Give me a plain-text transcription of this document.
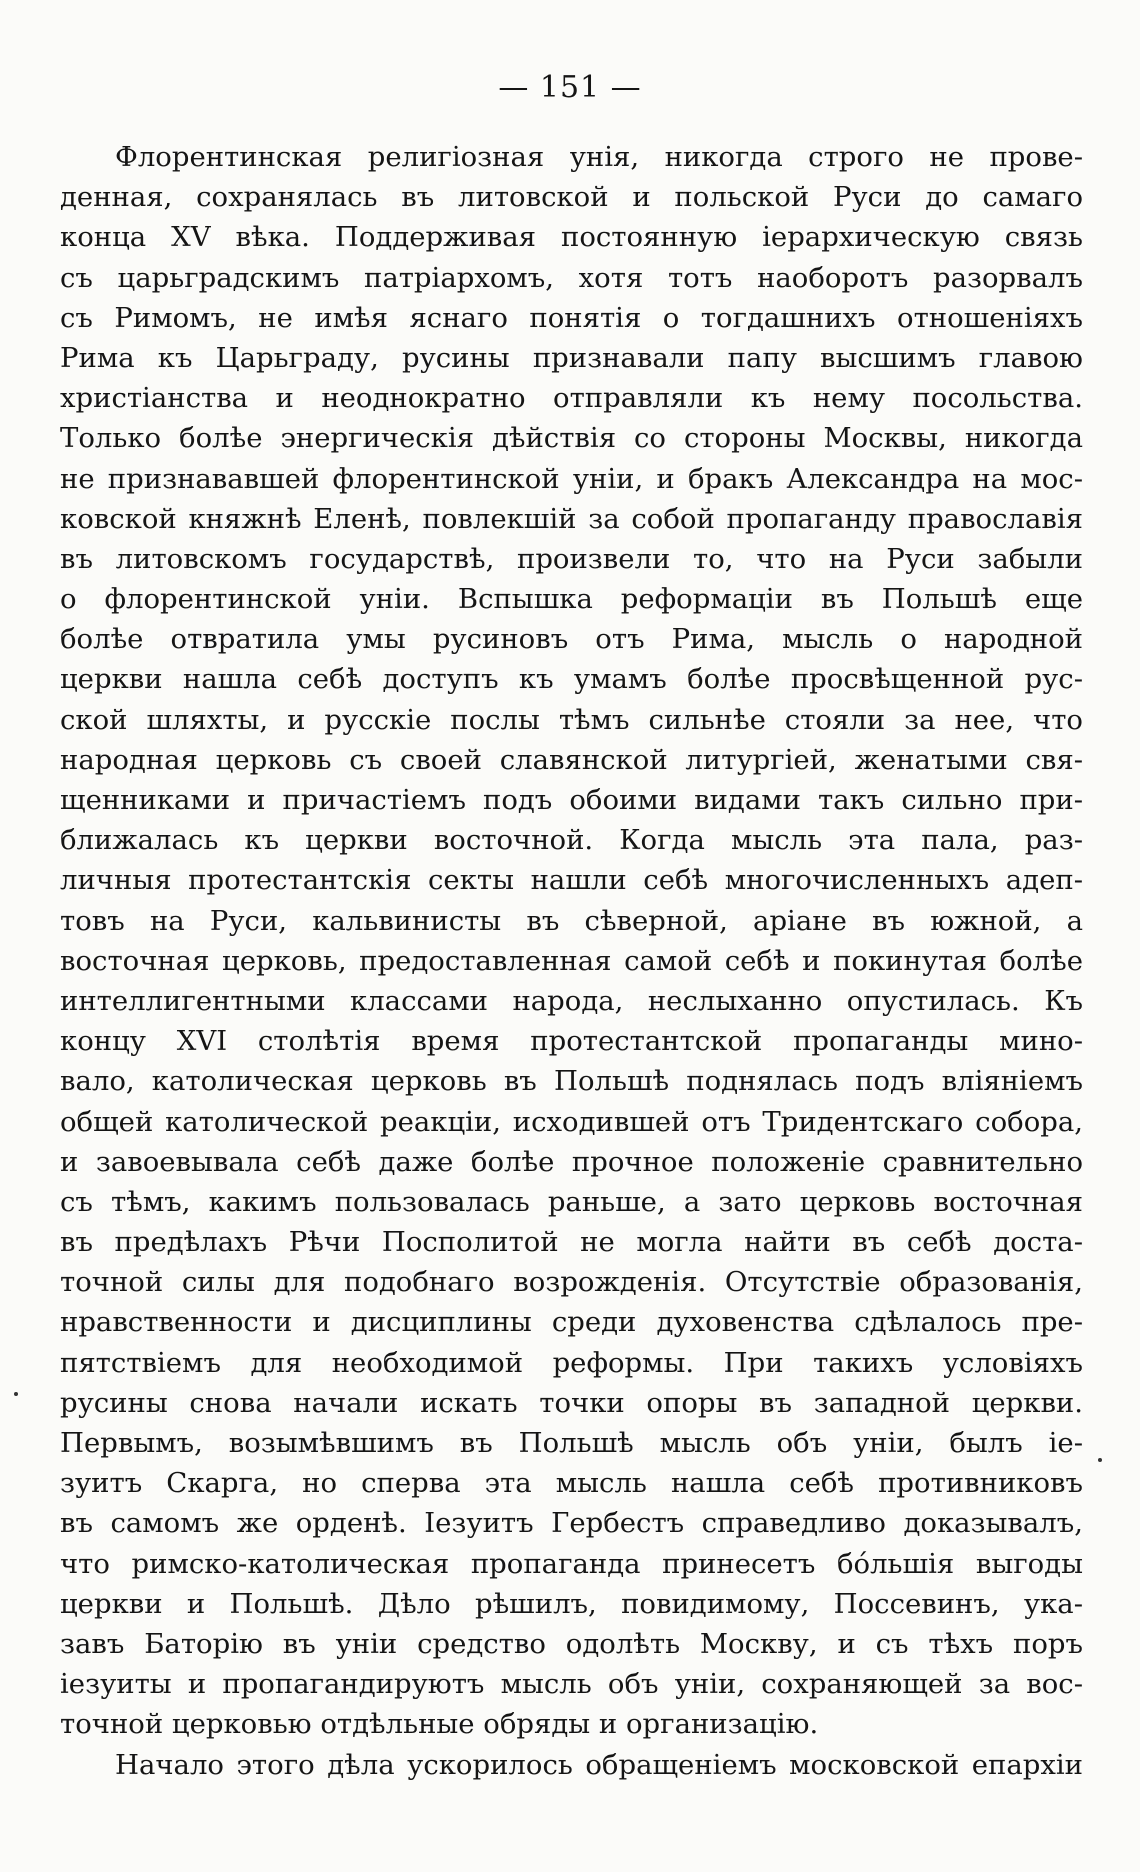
— 151 —
Флорентинская религіозная унія, никогда строго не прове-
денная, сохранялась въ литовской и польской Руси до самаго
конца XV вѣка. Поддерживая постоянную іерархическую связь
съ царьградскимъ патріархомъ, хотя тотъ наоборотъ разорвалъ
съ Римомъ, не имѣя яснаго понятія о тогдашнихъ отношеніяхъ
Рима къ Царьграду, русины признавали папу высшимъ главою
христіанства и неоднократно отправляли къ нему посольства.
Только болѣе энергическія дѣйствія со стороны Москвы, никогда
не признававшей флорентинской уніи, и бракъ Александра на мос-
ковской княжнѣ Еленѣ, повлекшій за собой пропаганду православія
въ литовскомъ государствѣ, произвели то, что на Руси забыли
о флорентинской уніи. Вспышка реформаціи въ Польшѣ еще
болѣе отвратила умы русиновъ отъ Рима, мысль о народной
церкви нашла себѣ доступъ къ умамъ болѣе просвѣщенной рус-
ской шляхты, и русскіе послы тѣмъ сильнѣе стояли за нее, что
народная церковь съ своей славянской литургіей, женатыми свя-
щенниками и причастіемъ подъ обоими видами такъ сильно при-
ближалась къ церкви восточной. Когда мысль эта пала, раз-
личныя протестантскія секты нашли себѣ многочисленныхъ адеп-
товъ на Руси, кальвинисты въ сѣверной, аріане въ южной, а
восточная церковь, предоставленная самой себѣ и покинутая болѣе
интеллигентными классами народа, неслыханно опустилась. Къ
концу XVI столѣтія время протестантской пропаганды мино-
вало, католическая церковь въ Польшѣ поднялась подъ вліяніемъ
общей католической реакціи, исходившей отъ Тридентскаго собора,
и завоевывала себѣ даже болѣе прочное положеніе сравнительно
съ тѣмъ, какимъ пользовалась раньше, а зато церковь восточная
въ предѣлахъ Рѣчи Посполитой не могла найти въ себѣ доста-
точной силы для подобнаго возрожденія. Отсутствіе образованія,
нравственности и дисциплины среди духовенства сдѣлалось пре-
пятствіемъ для необходимой реформы. При такихъ условіяхъ
русины снова начали искать точки опоры въ западной церкви.
Первымъ, возымѣвшимъ въ Польшѣ мысль объ уніи, былъ іе-
зуитъ Скарга, но сперва эта мысль нашла себѣ противниковъ
въ самомъ же орденѣ. Іезуитъ Гербестъ справедливо доказывалъ,
что римско-католическая пропаганда принесетъ бóльшія выгоды
церкви и Польшѣ. Дѣло рѣшилъ, повидимому, Поссевинъ, ука-
завъ Баторію въ уніи средство одолѣть Москву, и съ тѣхъ поръ
іезуиты и пропагандируютъ мысль объ уніи, сохраняющей за вос-
точной церковью отдѣльные обряды и организацію.
Начало этого дѣла ускорилось обращеніемъ московской епархіи
